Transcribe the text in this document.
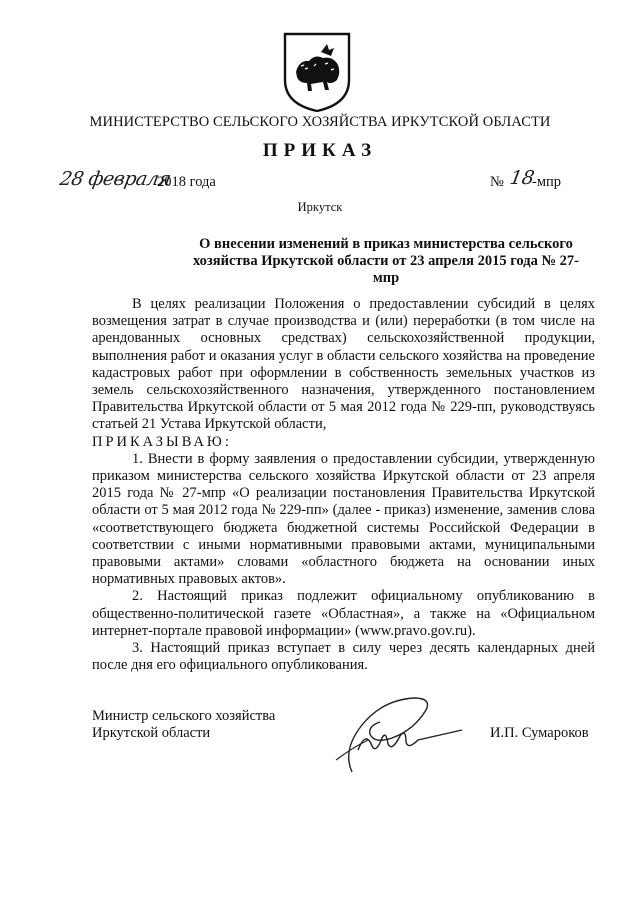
МИНИСТЕРСТВО СЕЛЬСКОГО ХОЗЯЙСТВА ИРКУТСКОЙ ОБЛАСТИ
ПРИКАЗ
28 февраля
2018 года	№ 18
-мпр
Иркутск
О внесении изменений в приказ министерства сельского хозяйства Иркутской области от 23 апреля 2015 года № 27-мпр

В целях реализации Положения о предоставлении субсидий в целях возмещения затрат в случае производства и (или) переработки (в том числе на арендованных основных средствах) сельскохозяйственной продукции, выполнения работ и оказания услуг в области сельского хозяйства на проведение кадастровых работ при оформлении в собственность земельных участков из земель сельскохозяйственного назначения, утвержденного постановлением Правительства Иркутской области от 5 мая 2012 года № 229-пп, руководствуясь статьей 21 Устава Иркутской области,

ПРИКАЗЫВАЮ:

1. Внести в форму заявления о предоставлении субсидии, утвержденную приказом министерства сельского хозяйства Иркутской области от 23 апреля 2015 года № 27-мпр «О реализации постановления Правительства Иркутской области от 5 мая 2012 года № 229-пп» (далее - приказ) изменение, заменив слова «соответствующего бюджета бюджетной системы Российской Федерации в соответствии с иными нормативными правовыми актами, муниципальными правовыми актами» словами «областного бюджета на основании иных нормативных правовых актов».

2. Настоящий приказ подлежит официальному опубликованию в общественно-политической газете «Областная», а также на «Официальном интернет-портале правовой информации» (www.pravo.gov.ru).

3. Настоящий приказ вступает в силу через десять календарных дней после дня его официального опубликования.

Министр сельского хозяйства
Иркутской области	И.П. Сумароков
